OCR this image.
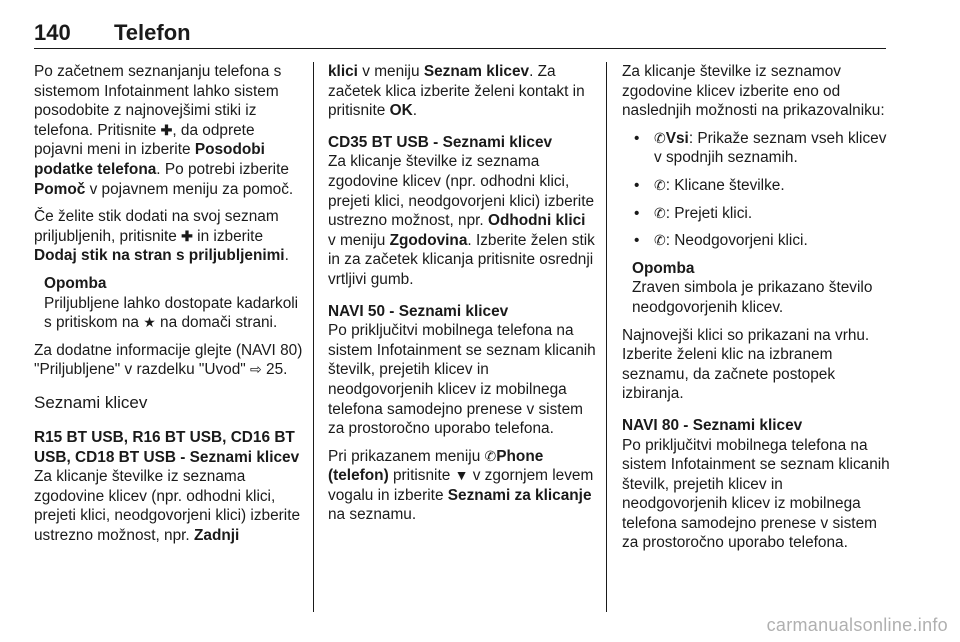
140 Telefon

Po začetnem seznanjanju telefona s sistemom Infotainment lahko sistem posodobite z najnovejšimi stiki iz telefona. Pritisnite ✚, da odprete pojavni meni in izberite Posodobi podatke telefona. Po potrebi izberite Pomoč v pojavnem meniju za pomoč.

Če želite stik dodati na svoj seznam priljubljenih, pritisnite ✚ in izberite Dodaj stik na stran s priljubljenimi.

Opomba
Priljubljene lahko dostopate kadarkoli s pritiskom na ★ na domači strani.

Za dodatne informacije glejte (NAVI 80) "Priljubljene" v razdelku "Uvod" ⇨ 25.

Seznami klicev

R15 BT USB, R16 BT USB, CD16 BT USB, CD18 BT USB - Seznami klicev
Za klicanje številke iz seznama zgodovine klicev (npr. odhodni klici, prejeti klici, neodgovorjeni klici) izberite ustrezno možnost, npr. Zadnji

klici v meniju Seznam klicev. Za začetek klica izberite želeni kontakt in pritisnite OK.

CD35 BT USB - Seznami klicev
Za klicanje številke iz seznama zgodovine klicev (npr. odhodni klici, prejeti klici, neodgovorjeni klici) izberite ustrezno možnost, npr. Odhodni klici v meniju Zgodovina. Izberite želen stik in za začetek klicanja pritisnite osrednji vrtljivi gumb.

NAVI 50 - Seznami klicev
Po priključitvi mobilnega telefona na sistem Infotainment se seznam klicanih številk, prejetih klicev in neodgovorjenih klicev iz mobilnega telefona samodejno prenese v sistem za prostoročno uporabo telefona.

Pri prikazanem meniju ✆Phone (telefon) pritisnite ▼ v zgornjem levem vogalu in izberite Seznami za klicanje na seznamu.

Za klicanje številke iz seznamov zgodovine klicev izberite eno od naslednjih možnosti na prikazovalniku:

• ✆Vsi: Prikaže seznam vseh klicev v spodnjih seznamih.
• ✆: Klicane številke.
• ✆: Prejeti klici.
• ✆: Neodgovorjeni klici.
Opomba
Zraven simbola je prikazano število neodgovorjenih klicev.

Najnovejši klici so prikazani na vrhu. Izberite želeni klic na izbranem seznamu, da začnete postopek izbiranja.

NAVI 80 - Seznami klicev
Po priključitvi mobilnega telefona na sistem Infotainment se seznam klicanih številk, prejetih klicev in neodgovorjenih klicev iz mobilnega telefona samodejno prenese v sistem za prostoročno uporabo telefona.

carmanualsonline.info
